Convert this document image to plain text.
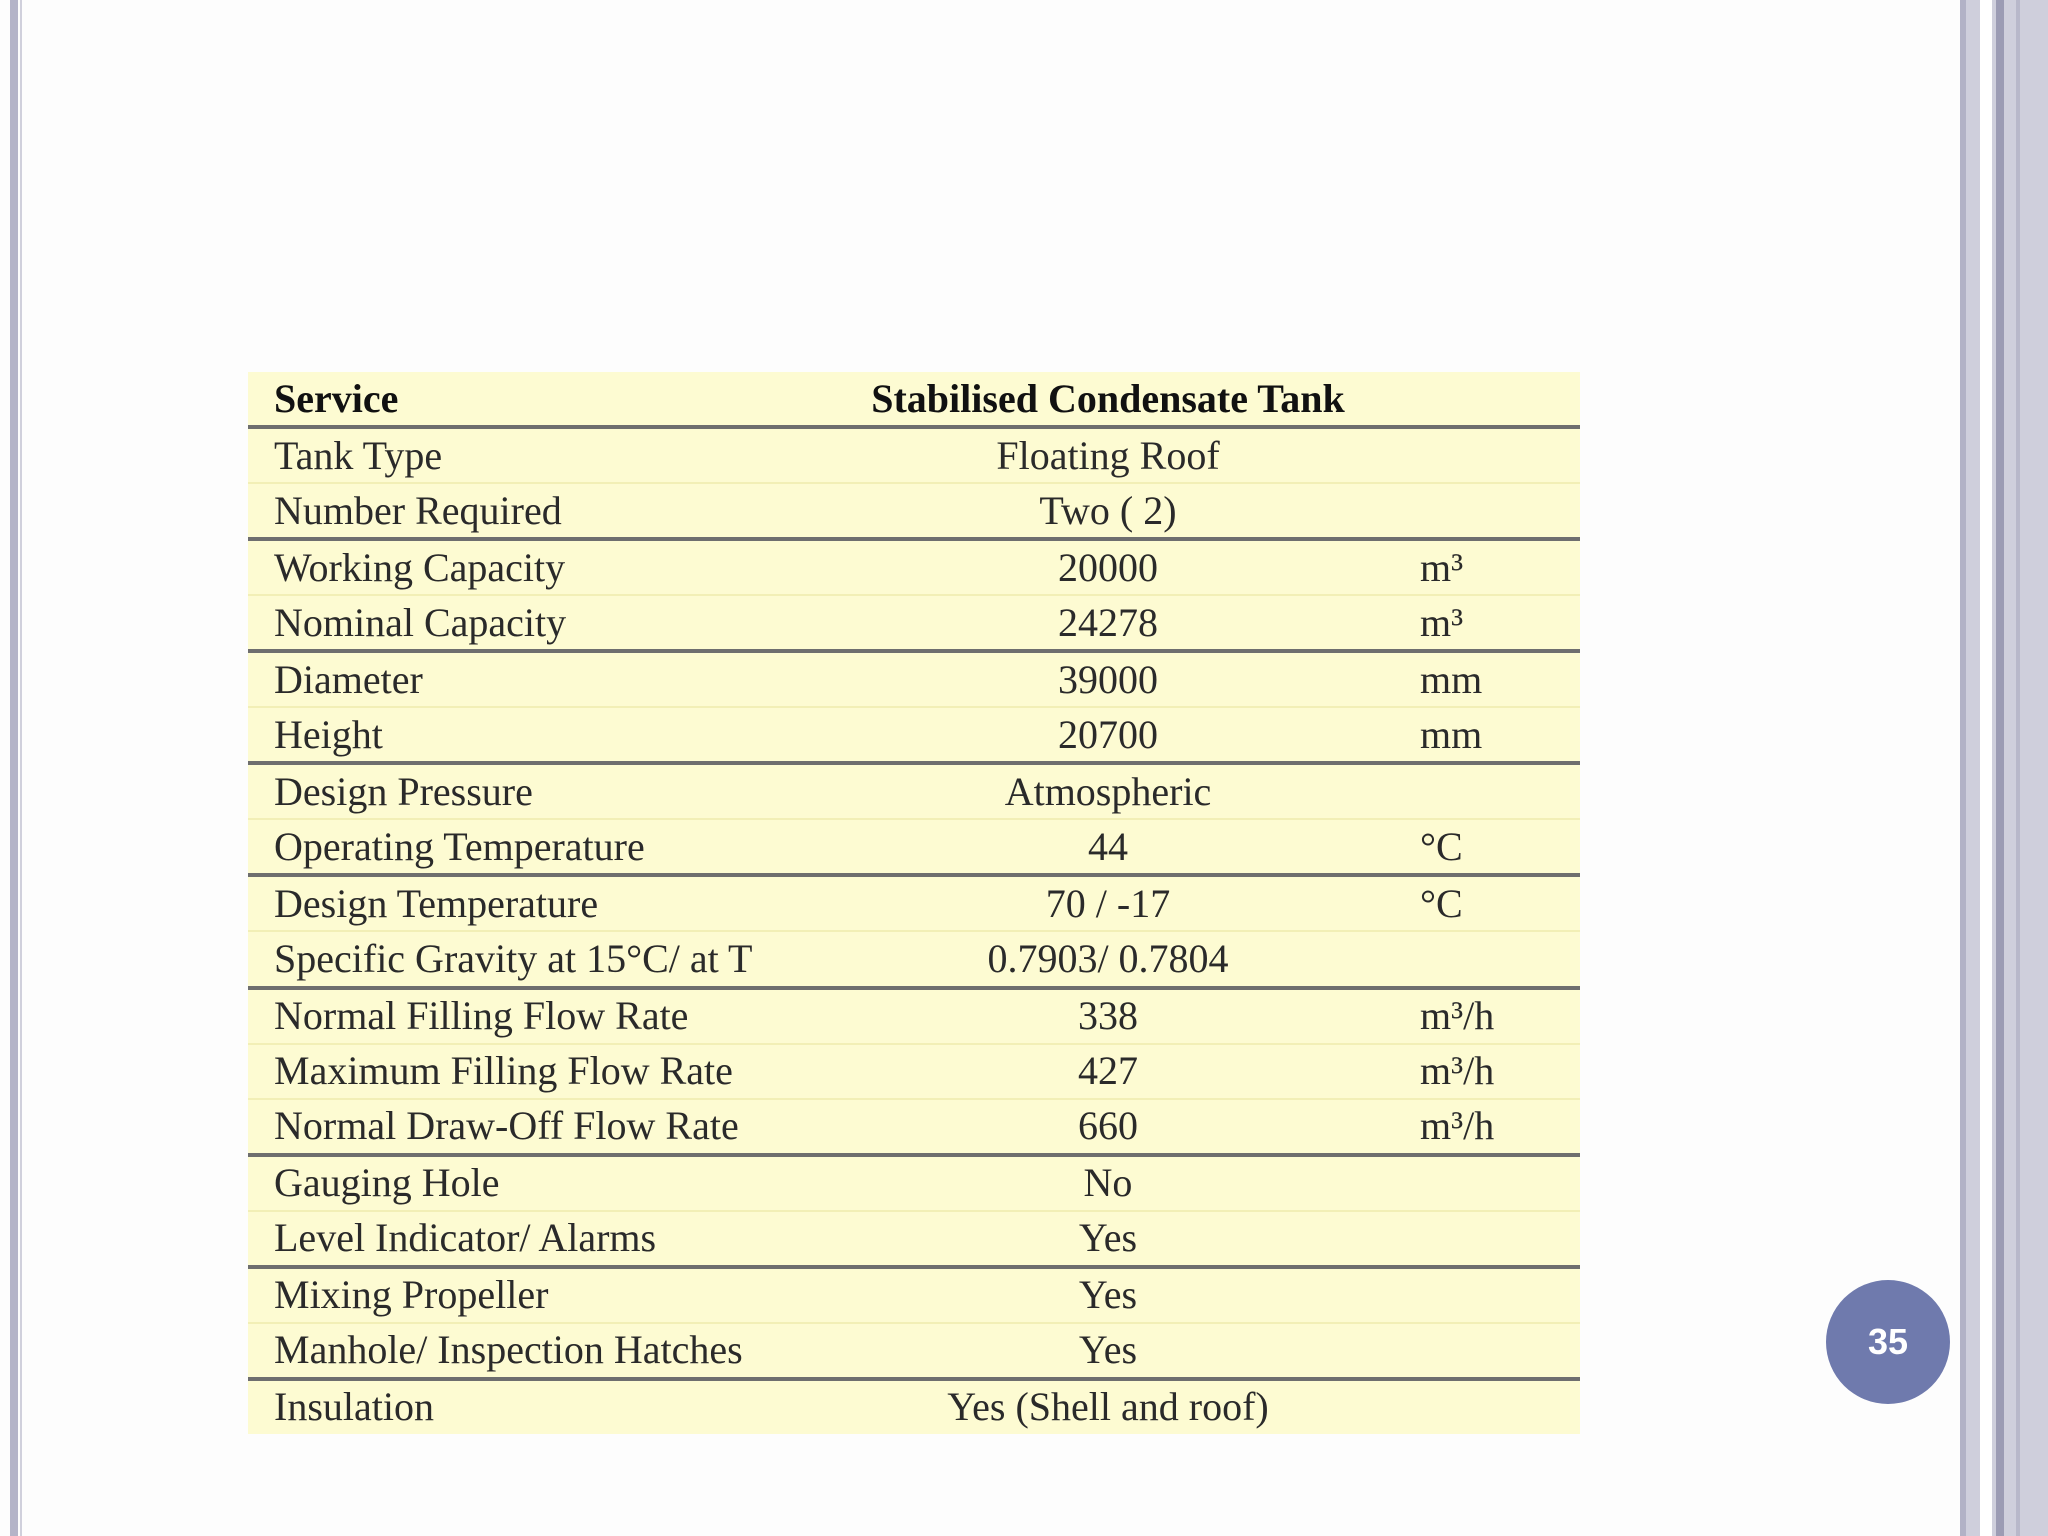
Service	Stabilised Condensate Tank
Tank Type	Floating Roof
Number Required	Two ( 2)
Working Capacity	20000	m³
Nominal Capacity	24278	m³
Diameter	39000	mm
Height	20700	mm
Design Pressure	Atmospheric
Operating Temperature	44	°C
Design Temperature	70 / -17	°C
Specific Gravity at 15°C/ at T	0.7903/ 0.7804
Normal Filling Flow Rate	338	m³/h
Maximum Filling Flow Rate	427	m³/h
Normal Draw-Off Flow Rate	660	m³/h
Gauging Hole	No
Level Indicator/ Alarms	Yes
Mixing Propeller	Yes
Manhole/ Inspection Hatches	Yes
Insulation	Yes (Shell and roof)
35
